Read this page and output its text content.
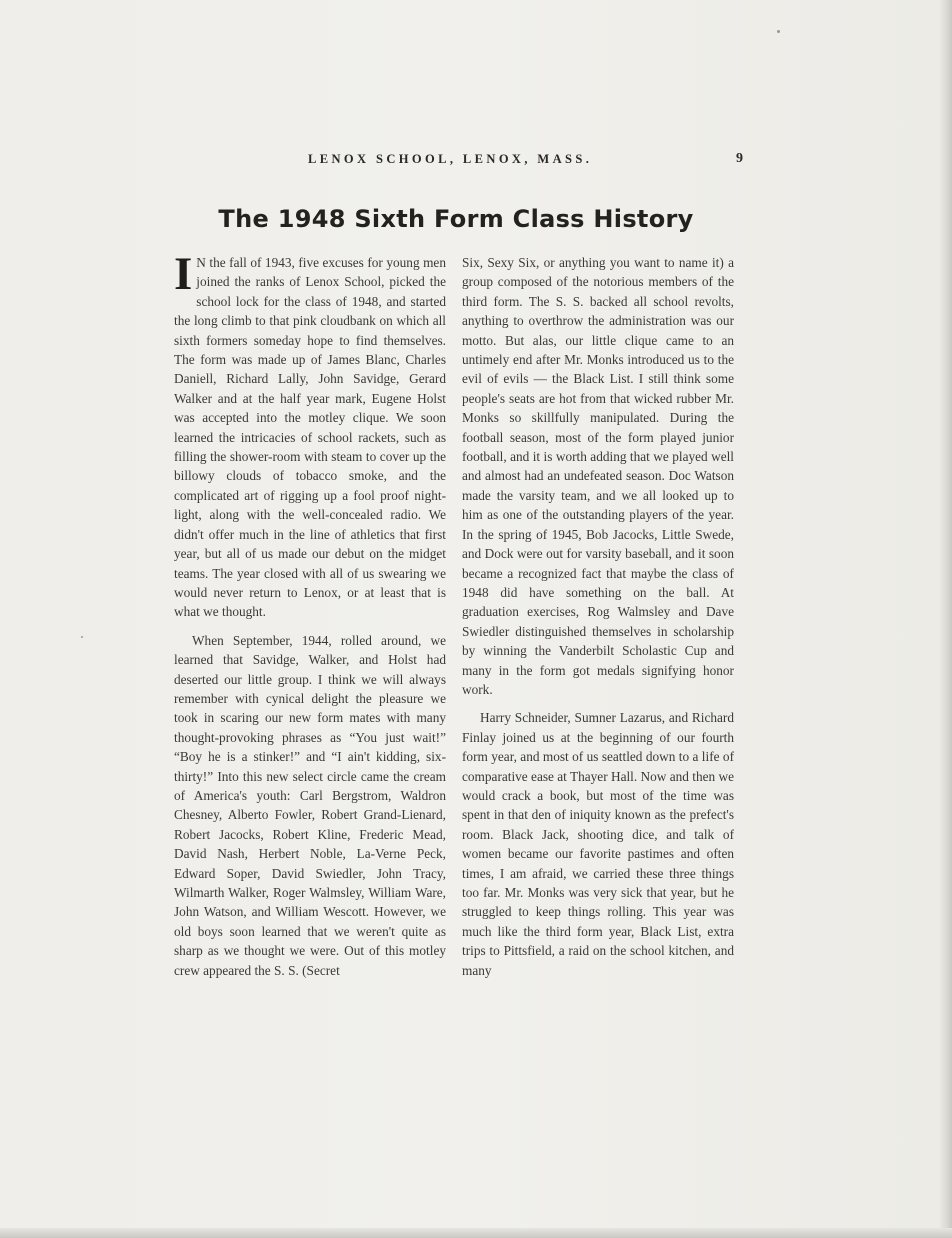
LENOX SCHOOL, LENOX, MASS.	9
The 1948 Sixth Form Class History

I N the fall of 1943, five excuses for young men joined the ranks of Lenox School, picked the school lock for the class of 1948, and started the long climb to that pink cloudbank on which all sixth formers someday hope to find themselves. The form was made up of James Blanc, Charles Daniell, Richard Lally, John Savidge, Gerard Walker and at the half year mark, Eugene Holst was accepted into the motley clique. We soon learned the intricacies of school rackets, such as filling the shower-room with steam to cover up the billowy clouds of tobacco smoke, and the complicated art of rigging up a fool proof night-light, along with the well-concealed radio. We didn't offer much in the line of athletics that first year, but all of us made our debut on the midget teams. The year closed with all of us swearing we would never return to Lenox, or at least that is what we thought.

When September, 1944, rolled around, we learned that Savidge, Walker, and Holst had deserted our little group. I think we will always remember with cynical delight the pleasure we took in scaring our new form mates with many thought-provoking phrases as “You just wait!” “Boy he is a stinker!” and “I ain't kidding, six-thirty!” Into this new select circle came the cream of America's youth: Carl Bergstrom, Waldron Chesney, Alberto Fowler, Robert Grand-Lienard, Robert Jacocks, Robert Kline, Frederic Mead, David Nash, Herbert Noble, La-Verne Peck, Edward Soper, David Swiedler, John Tracy, Wilmarth Walker, Roger Walmsley, William Ware, John Watson, and William Wescott. However, we old boys soon learned that we weren't quite as sharp as we thought we were. Out of this motley crew appeared the S. S. (Secret

Six, Sexy Six, or anything you want to name it) a group composed of the notorious members of the third form. The S. S. backed all school revolts, anything to overthrow the administration was our motto. But alas, our little clique came to an untimely end after Mr. Monks introduced us to the evil of evils — the Black List. I still think some people's seats are hot from that wicked rubber Mr. Monks so skillfully manipulated. During the football season, most of the form played junior football, and it is worth adding that we played well and almost had an undefeated season. Doc Watson made the varsity team, and we all looked up to him as one of the outstanding players of the year. In the spring of 1945, Bob Jacocks, Little Swede, and Dock were out for varsity baseball, and it soon became a recognized fact that maybe the class of 1948 did have something on the ball. At graduation exercises, Rog Walmsley and Dave Swiedler distinguished themselves in scholarship by winning the Vanderbilt Scholastic Cup and many in the form got medals signifying honor work.

Harry Schneider, Sumner Lazarus, and Richard Finlay joined us at the beginning of our fourth form year, and most of us seattled down to a life of comparative ease at Thayer Hall. Now and then we would crack a book, but most of the time was spent in that den of iniquity known as the prefect's room. Black Jack, shooting dice, and talk of women became our favorite pastimes and often times, I am afraid, we carried these three things too far. Mr. Monks was very sick that year, but he struggled to keep things rolling. This year was much like the third form year, Black List, extra trips to Pittsfield, a raid on the school kitchen, and many
